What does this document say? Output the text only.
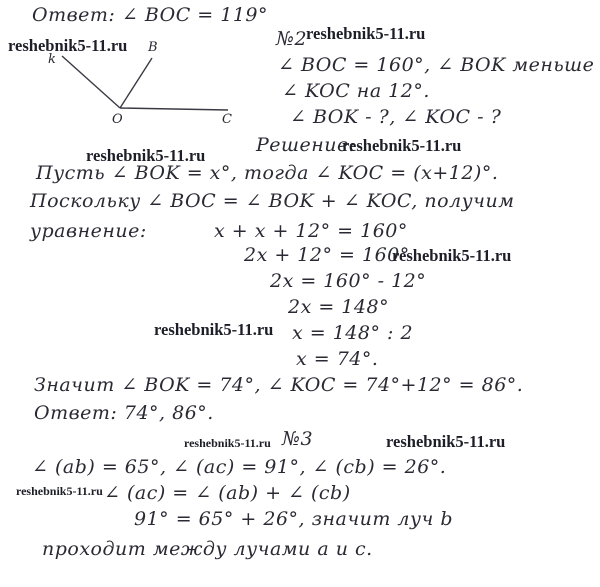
k
B
O	C
Ответ: ∠ BOC = 119°
№2
∠ BOC = 160°, ∠ BOK меньше
∠ KOC на 12°.
∠ BOK - ?, ∠ KOC - ?
Решение:
Пусть ∠ BOK = x°, тогда ∠ KOC = (x+12)°.
Поскольку ∠ BOC = ∠ BOK + ∠ KOC, получим
уравнение:	x + x + 12° = 160°
2x + 12° = 160°
2x = 160° - 12°
2x = 148°
x = 148° : 2
x = 74°.
Значит ∠ BOK = 74°, ∠ KOC = 74°+12° = 86°.
Ответ: 74°, 86°.
№3
∠ (ab) = 65°, ∠ (ac) = 91°, ∠ (cb) = 26°.
∠ (ac) = ∠ (ab) + ∠ (cb)
91° = 65° + 26°, значит луч b
проходит между лучами a и c.
reshebnik5-11.ru
reshebnik5-11.ru
reshebnik5-11.ru
reshebnik5-11.ru
reshebnik5-11.ru
reshebnik5-11.ru
reshebnik5-11.ru	reshebnik5-11.ru
reshebnik5-11.ru
